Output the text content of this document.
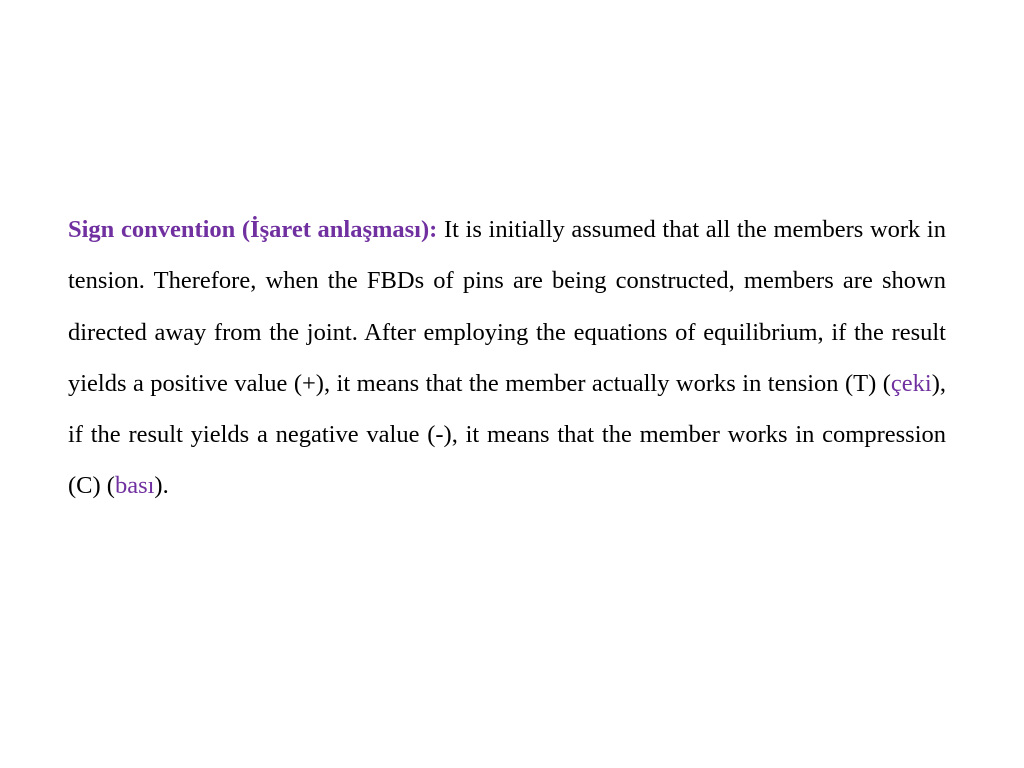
Sign convention (İşaret anlaşması): It is initially assumed that all the members work in tension. Therefore, when the FBDs of pins are being constructed, members are shown directed away from the joint. After employing the equations of equilibrium, if the result yields a positive value (+), it means that the member actually works in tension (T) (çeki), if the result yields a negative value (-), it means that the member works in compression (C) (bası).
